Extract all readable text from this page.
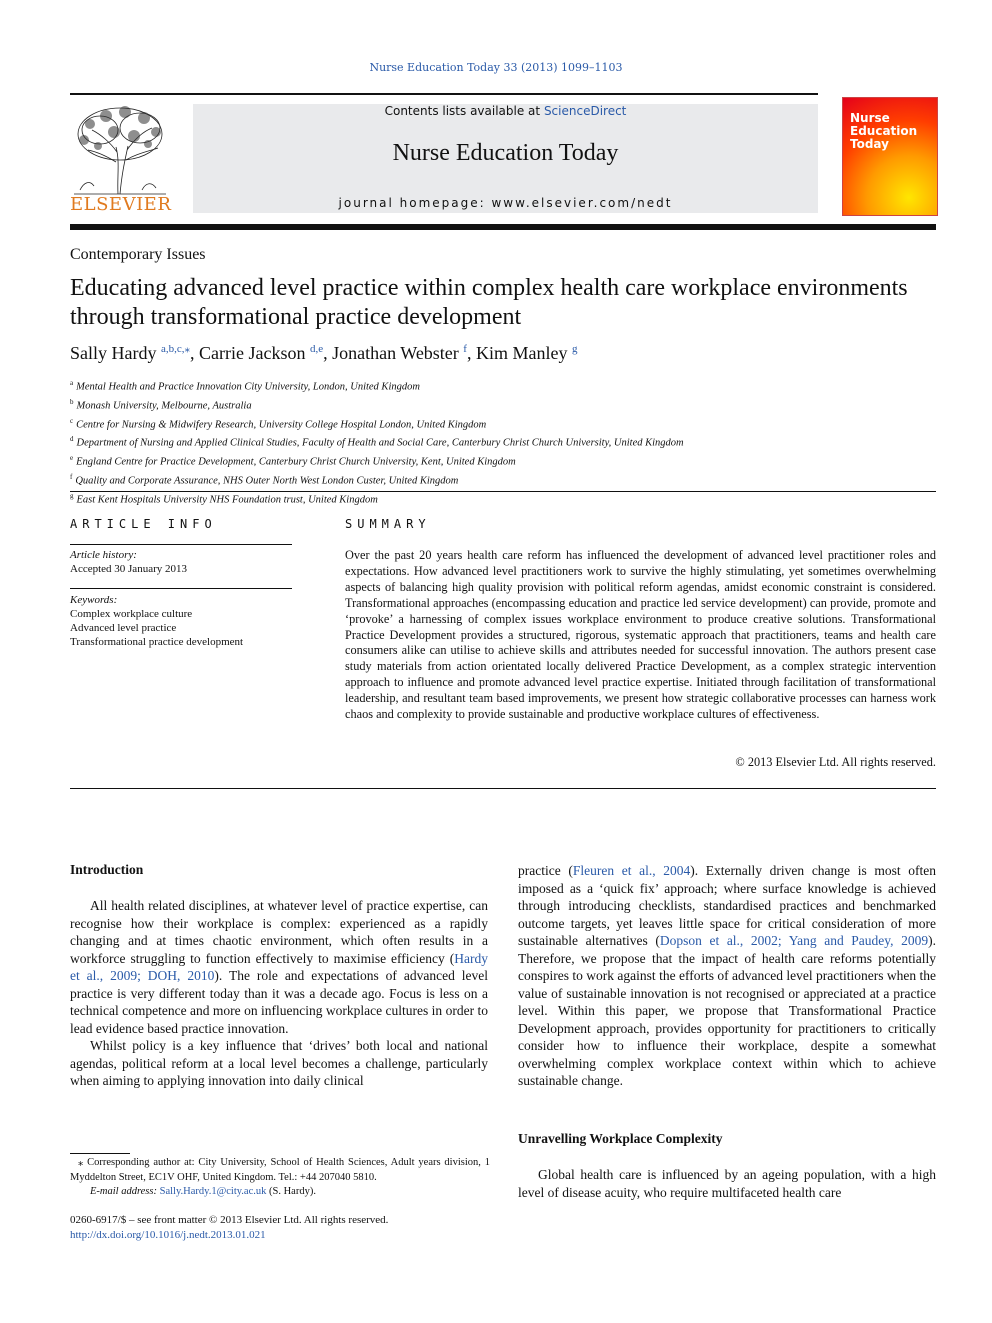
Nurse Education Today 33 (2013) 1099–1103
ELSEVIER
Contents lists available at ScienceDirect
Nurse Education Today
journal homepage: www.elsevier.com/nedt
Nurse Education Today
Contemporary Issues
Educating advanced level practice within complex health care workplace environments through transformational practice development
Sally Hardy $^{a,b,c,⁎}$, Carrie Jackson $^{d,e}$, Jonathan Webster $^f$, Kim Manley $^g$
$^a$ Mental Health and Practice Innovation City University, London, United Kingdom
$^b$ Monash University, Melbourne, Australia
$^c$ Centre for Nursing & Midwifery Research, University College Hospital London, United Kingdom
$^d$ Department of Nursing and Applied Clinical Studies, Faculty of Health and Social Care, Canterbury Christ Church University, United Kingdom
$^e$ England Centre for Practice Development, Canterbury Christ Church University, Kent, United Kingdom
$^f$ Quality and Corporate Assurance, NHS Outer North West London Custer, United Kingdom
$^g$ East Kent Hospitals University NHS Foundation trust, United Kingdom
ARTICLE INFO
Article history:
Accepted 30 January 2013
Keywords:
Complex workplace culture
Advanced level practice
Transformational practice development
SUMMARY
Over the past 20 years health care reform has influenced the development of advanced level practitioner roles and expectations. How advanced level practitioners work to survive the highly stimulating, yet sometimes overwhelming aspects of balancing high quality provision with political reform agendas, amidst economic constraint is considered. Transformational approaches (encompassing education and practice led service development) can provide, promote and ‘provoke’ a harnessing of complex issues workplace environment to produce creative solutions. Transformational Practice Development provides a structured, rigorous, systematic approach that practitioners, teams and health care consumers alike can utilise to achieve skills and attributes needed for successful innovation. The authors present case study materials from action orientated locally delivered Practice Development, as a complex strategic intervention approach to influence and promote advanced level practice expertise. Initiated through facilitation of transformational leadership, and resultant team based improvements, we present how strategic collaborative processes can harness work chaos and complexity to provide sustainable and productive workplace cultures of effectiveness.
© 2013 Elsevier Ltd. All rights reserved.
Introduction

All health related disciplines, at whatever level of practice expertise, can recognise how their workplace is complex: experienced as a rapidly changing and at times chaotic environment, which often results in a workforce struggling to function effectively to maximise efficiency (Hardy et al., 2009; DOH, 2010). The role and expectations of advanced level practice is very different today than it was a decade ago. Focus is less on a technical competence and more on influencing workplace cultures in order to lead evidence based practice innovation.

Whilst policy is a key influence that ‘drives’ both local and national agendas, political reform at a local level becomes a challenge, particularly when aiming to applying innovation into daily clinical

practice (Fleuren et al., 2004). Externally driven change is most often imposed as a ‘quick fix’ approach; where surface knowledge is achieved through introducing checklists, standardised practices and benchmarked outcome targets, yet leaves little space for critical consideration of more sustainable alternatives (Dopson et al., 2002; Yang and Paudey, 2009). Therefore, we propose that the impact of health care reforms potentially conspires to work against the efforts of advanced level practitioners when the value of sustainable innovation is not recognised or appreciated at a practice level. Within this paper, we propose that Transformational Practice Development approach, provides opportunity for practitioners to critically consider how to influence their workplace, despite a somewhat overwhelming complex workplace context within which to achieve sustainable change.

Unravelling Workplace Complexity

Global health care is influenced by an ageing population, with a high level of disease acuity, who require multifaceted health care

⁎ Corresponding author at: City University, School of Health Sciences, Adult years division, 1 Myddelton Street, EC1V OHF, United Kingdom. Tel.: +44 207040 5810.
E-mail address: Sally.Hardy.1@city.ac.uk (S. Hardy).
0260-6917/$ – see front matter © 2013 Elsevier Ltd. All rights reserved.
http://dx.doi.org/10.1016/j.nedt.2013.01.021
